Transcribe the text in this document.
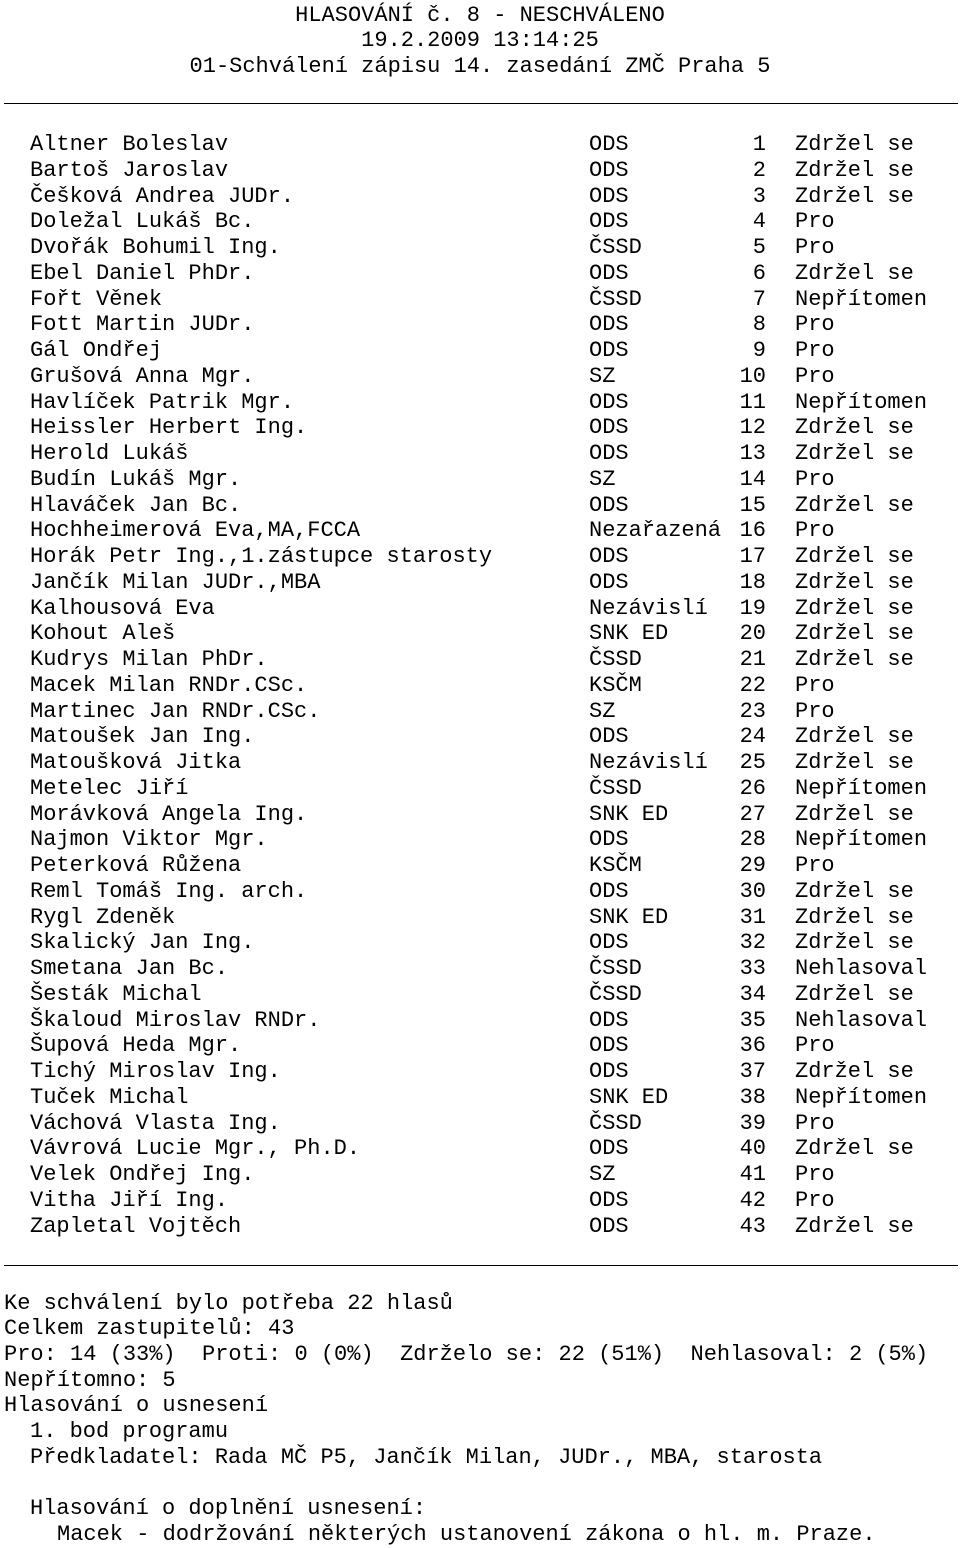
HLASOVÁNÍ č. 8 - NESCHVÁLENO
19.2.2009 13:14:25
01-Schválení zápisu 14. zasedání ZMČ Praha 5
Altner Boleslav	ODS	1 Zdržel se
Bartoš Jaroslav	ODS	2 Zdržel se
Češková Andrea JUDr.	ODS	3 Zdržel se
Doležal Lukáš Bc.	ODS	4 Pro
Dvořák Bohumil Ing.	ČSSD	5 Pro
Ebel Daniel PhDr.	ODS	6 Zdržel se
Fořt Věnek	ČSSD	7 Nepřítomen
Fott Martin JUDr.	ODS	8 Pro
Gál Ondřej	ODS	9 Pro
Grušová Anna Mgr.	SZ	10 Pro
Havlíček Patrik Mgr.	ODS	11 Nepřítomen
Heissler Herbert Ing.	ODS	12 Zdržel se
Herold Lukáš	ODS	13 Zdržel se
Budín Lukáš Mgr.	SZ	14 Pro
Hlaváček Jan Bc.	ODS	15 Zdržel se
Hochheimerová Eva,MA,FCCA	Nezařazená 16 Pro
Horák Petr Ing.,1.zástupce starosty	ODS	17 Zdržel se
Jančík Milan JUDr.,MBA	ODS	18 Zdržel se
Kalhousová Eva	Nezávislí	19 Zdržel se
Kohout Aleš	SNK ED	20 Zdržel se
Kudrys Milan PhDr.	ČSSD	21 Zdržel se
Macek Milan RNDr.CSc.	KSČM	22 Pro
Martinec Jan RNDr.CSc.	SZ	23 Pro
Matoušek Jan Ing.	ODS	24 Zdržel se
Matoušková Jitka	Nezávislí	25 Zdržel se
Metelec Jiří	ČSSD	26 Nepřítomen
Morávková Angela Ing.	SNK ED	27 Zdržel se
Najmon Viktor Mgr.	ODS	28 Nepřítomen
Peterková Růžena	KSČM	29 Pro
Reml Tomáš Ing. arch.	ODS	30 Zdržel se
Rygl Zdeněk	SNK ED	31 Zdržel se
Skalický Jan Ing.	ODS	32 Zdržel se
Smetana Jan Bc.	ČSSD	33 Nehlasoval
Šesták Michal	ČSSD	34 Zdržel se
Škaloud Miroslav RNDr.	ODS	35 Nehlasoval
Šupová Heda Mgr.	ODS	36 Pro
Tichý Miroslav Ing.	ODS	37 Zdržel se
Tuček Michal	SNK ED	38 Nepřítomen
Váchová Vlasta Ing.	ČSSD	39 Pro
Vávrová Lucie Mgr., Ph.D.	ODS	40 Zdržel se
Velek Ondřej Ing.	SZ	41 Pro
Vitha Jiří Ing.	ODS	42 Pro
Zapletal Vojtěch	ODS	43 Zdržel se
Ke schválení bylo potřeba 22 hlasů
Celkem zastupitelů: 43
Pro: 14 (33%)  Proti: 0 (0%)  Zdrželo se: 22 (51%)  Nehlasoval: 2 (5%)
Nepřítomno: 5
Hlasování o usnesení
1. bod programu
Předkladatel: Rada MČ P5, Jančík Milan, JUDr., MBA, starosta
Hlasování o doplnění usnesení:
Macek - dodržování některých ustanovení zákona o hl. m. Praze.
